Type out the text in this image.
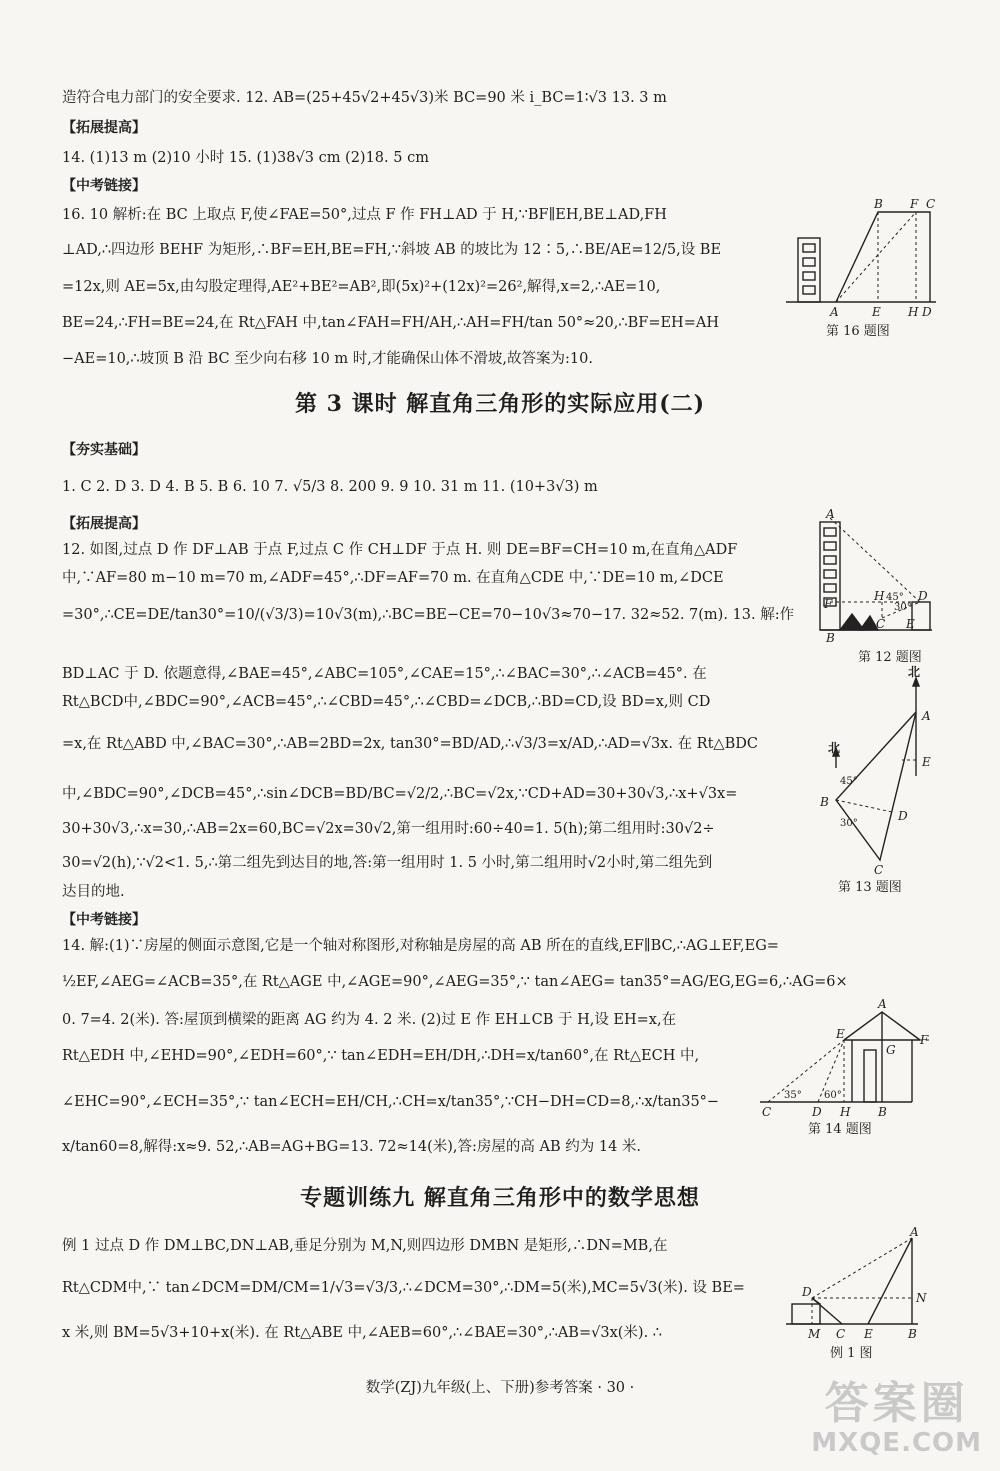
造符合电力部门的安全要求. 12. AB=(25+45√2+45√3)米 BC=90 米 i_BC=1∶√3 13. 3 m
【拓展提高】
14. (1)13 m (2)10 小时 15. (1)38√3 cm (2)18. 5 cm
【中考链接】
16. 10 解析:在 BC 上取点 F,使∠FAE=50°,过点 F 作 FH⊥AD 于 H,∵BF∥EH,BE⊥AD,FH
⊥AD,∴四边形 BEHF 为矩形,∴BF=EH,BE=FH,∵斜坡 AB 的坡比为 12∶5,∴BE/AE=12/5,设 BE
=12x,则 AE=5x,由勾股定理得,AE²+BE²=AB²,即(5x)²+(12x)²=26²,解得,x=2,∴AE=10,
BE=24,∴FH=BE=24,在 Rt△FAH 中,tan∠FAH=FH/AH,∴AH=FH/tan 50°≈20,∴BF=EH=AH
−AE=10,∴坡顶 B 沿 BC 至少向右移 10 m 时,才能确保山体不滑坡,故答案为:10.
B F C
A	E H D
第 16 题图
第 3 课时 解直角三角形的实际应用(二)
【夯实基础】
1. C 2. D 3. D 4. B 5. B 6. 10 7. √5/3 8. 200 9. 9 10. 31 m 11. (10+3√3) m
【拓展提高】
12. 如图,过点 D 作 DF⊥AB 于点 F,过点 C 作 CH⊥DF 于点 H. 则 DE=BF=CH=10 m,在直角△ADF
中,∵AF=80 m−10 m=70 m,∠ADF=45°,∴DF=AF=70 m. 在直角△CDE 中,∵DE=10 m,∠DCE
=30°,∴CE=DE/tan30°=10/(√3/3)=10√3(m),∴BC=BE−CE=70−10√3≈70−17. 32≈52. 7(m). 13. 解:作
A
F
H 45° D
30°
C E
B
第 12 题图
BD⊥AC 于 D. 依题意得,∠BAE=45°,∠ABC=105°,∠CAE=15°,∴∠BAC=30°,∴∠ACB=45°. 在
Rt△BCD中,∠BDC=90°,∠ACB=45°,∴∠CBD=45°,∴∠CBD=∠DCB,∴BD=CD,设 BD=x,则 CD
=x,在 Rt△ABD 中,∠BAC=30°,∴AB=2BD=2x, tan30°=BD/AD,∴√3/3=x/AD,∴AD=√3x. 在 Rt△BDC
中,∠BDC=90°,∠DCB=45°,∴sin∠DCB=BD/BC=√2/2,∴BC=√2x,∵CD+AD=30+30√3,∴x+√3x=
30+30√3,∴x=30,∴AB=2x=60,BC=√2x=30√2,第一组用时:60÷40=1. 5(h);第二组用时:30√2÷
30=√2(h),∵√2<1. 5,∴第二组先到达目的地,答:第一组用时 1. 5 小时,第二组用时√2小时,第二组先到
达目的地.
北
A
E
北
45°
B
D
30°
C
第 13 题图
【中考链接】
14. 解:(1)∵房屋的侧面示意图,它是一个轴对称图形,对称轴是房屋的高 AB 所在的直线,EF∥BC,∴AG⊥EF,EG=
½EF,∠AEG=∠ACB=35°,在 Rt△AGE 中,∠AGE=90°,∠AEG=35°,∵ tan∠AEG= tan35°=AG/EG,EG=6,∴AG=6×
0. 7=4. 2(米). 答:屋顶到横梁的距离 AG 约为 4. 2 米. (2)过 E 作 EH⊥CB 于 H,设 EH=x,在
Rt△EDH 中,∠EHD=90°,∠EDH=60°,∵ tan∠EDH=EH/DH,∴DH=x/tan60°,在 Rt△ECH 中,
∠EHC=90°,∠ECH=35°,∵ tan∠ECH=EH/CH,∴CH=x/tan35°,∵CH−DH=CD=8,∴x/tan35°−
x/tan60=8,解得:x≈9. 52,∴AB=AG+BG=13. 72≈14(米),答:房屋的高 AB 约为 14 米.
A
E
G
F
35° 60°
C	D H B
第 14 题图
专题训练九 解直角三角形中的数学思想
例 1 过点 D 作 DM⊥BC,DN⊥AB,垂足分别为 M,N,则四边形 DMBN 是矩形,∴DN=MB,在
Rt△CDM中,∵ tan∠DCM=DM/CM=1/√3=√3/3,∴∠DCM=30°,∴DM=5(米),MC=5√3(米). 设 BE=
x 米,则 BM=5√3+10+x(米). 在 Rt△ABE 中,∠AEB=60°,∴∠BAE=30°,∴AB=√3x(米). ∴
A
D	N
M C E	B
例 1 图
数学(ZJ)九年级(上、下册)参考答案 · 30 ·	答案圈
MXQE.COM
